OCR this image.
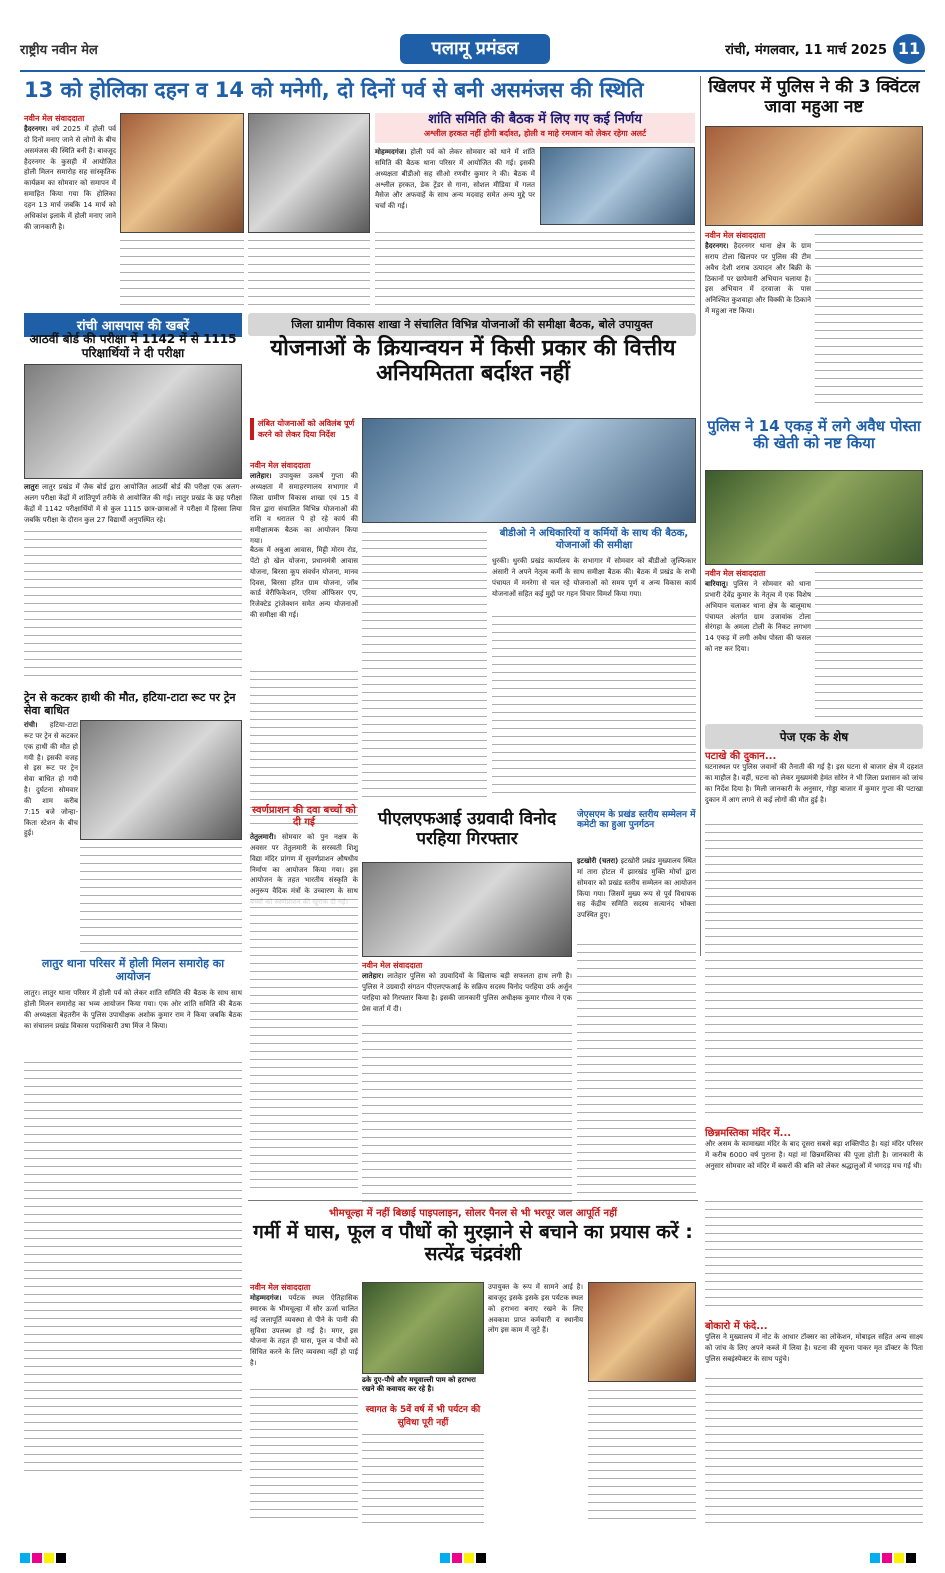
राष्ट्रीय नवीन मेल	पलामू प्रमंडल	रांची, मंगलवार, 11 मार्च 2025 11
13 को होलिका दहन व 14 को मनेगी, दो दिनों पर्व से बनी असमंजस की स्थिति
नवीन मेल संवाददाता
हैदरनगर। वर्ष 2025 में होली पर्व दो दिनों मनाए जाने से लोगों के बीच असमंजस की स्थिति बनी है। बावजूद हैदरनगर के कुसही में आयोजित होली मिलन समारोह सह सांस्कृतिक कार्यक्रम का सोमवार को समापन में समाहित किया गया कि होलिका दहन 13 मार्च जबकि 14 मार्च को अधिकांश इलाके में होली मनाए जाने की जानकारी है।
शांति समिति की बैठक में लिए गए कई निर्णय
अश्लील हरकत नहीं होगी बर्दाश्त, होली व माहे रमजान को लेकर रहेगा अलर्ट
मोहम्मदगंज। होली पर्व को लेकर सोमवार को थाने में शांति समिति की बैठक थाना परिसर में आयोजित की गई। इसकी अध्यक्षता बीडीओ सह सीओ रणवीर कुमार ने की। बैठक में अश्लील हरकत, डेक ट्रेंडर से गाना, सोशल मीडिया में गलत मैसेज और अफवाहें के साथ अन्य मदवाह समेत अन्य मुद्दे पर चर्चा की गई।
खिलपर में पुलिस ने की 3 क्विंटल जावा महुआ नष्ट
नवीन मेल संवाददाता
हैदरनगर। हैदरनगर थाना क्षेत्र के ग्राम सराय टोला खिलपर पर पुलिस की टीम अवैध देशी शराब उत्पादन और बिक्री के ठिकानों पर छापेमारी अभियान चलाया है। इस अभियान में दरवाजा के पास अनिश्चित कुशवाहा और विक्की के ठिकाने में महुआ नष्ट किया।
रांची आसपास की खबरें
आठवीं बोर्ड की परीक्षा में 1142 में से 1115 परिक्षार्थियों ने दी परीक्षा
लातुरः लातुर प्रखंड में जैक बोर्ड द्वारा आयोजित आठवीं बोर्ड की परीक्षा एक अलग-अलग परीक्षा केंद्रों में शांतिपूर्ण तरीके से आयोजित की गई। लातुर प्रखंड के छह परीक्षा केंद्रों में 1142 परीक्षार्थियों में से कुल 1115 छात्र-छात्राओं ने परीक्षा में हिस्सा लिया जबकि परीक्षा के दौरान कुल 27 विद्यार्थी अनुपस्थित रहे।
ट्रेन से कटकर हाथी की मौत, हटिया-टाटा रूट पर ट्रेन सेवा बाधित
रांची। हटिया-टाटा रूट पर ट्रेन से कटकर एक हाथी की मौत हो गयी है। इसकी वजह से इस रूट पर ट्रेन सेवा बाधित हो गयी है। दुर्घटना सोमवार की शाम करीब 7:15 बजे जोन्हा-किता स्टेशन के बीच हुई।
लातुर थाना परिसर में होली मिलन समारोह का आयोजन
लातुर। लातुर थाना परिसर में होली पर्व को लेकर शांति समिति की बैठक के साथ साथ होली मिलन समारोह का भव्य आयोजन किया गया। एक ओर शांति समिति की बैठक की अध्यक्षता बेहतरीन के पुलिस उपाधीक्षक अशोक कुमार राम ने किया जबकि बैठक का संचालन प्रखंड विकास पदाधिकारी उषा मिंज ने किया।
जिला ग्रामीण विकास शाखा ने संचालित विभिन्न योजनाओं की समीक्षा बैठक, बोले उपायुक्त
योजनाओं के क्रियान्वयन में किसी प्रकार की वित्तीय अनियमितता बर्दाश्त नहीं
लंबित योजनाओं को अविलंब पूर्ण करने को लेकर दिया निर्देश
नवीन मेल संवाददाता
लातेहार। उपायुक्त उत्कर्ष गुप्ता की अध्यक्षता में समाहरणालय सभागार में जिला ग्रामीण विकास शाखा एवं 15 वें वित्त द्वारा संचालित विभिन्न योजनाओं की राशि व धरातल पे हो रहे कार्य की समीक्षात्मक बैठक का आयोजन किया गया।
बैठक में अबुआ आवास, मिट्टी मोरम रोड, पेंटो हो खेल योजना, प्रधानमंत्री आवास योजना, बिरसा कूप संवर्धन योजना, मानव दिवस, बिरसा हरित ग्राम योजना, जॉब कार्ड वेरीफिकेशन, एरिया ऑफिसर एप, रिजेक्टेड ट्रांजेक्शन समेत अन्य योजनाओं की समीक्षा की गई।
बीडीओ ने अधिकारियों व कर्मियों के साथ की बैठक, योजनाओं की समीक्षा
धुरकी। धुरकी प्रखंड कार्यालय के सभागार में सोमवार को बीडीओ जुल्फिकार अंसारी ने अपने नेतृत्व कर्मी के साथ समीक्षा बैठक की। बैठक में प्रखंड के सभी पंचायत में मनरेगा से चल रहे योजनाओं को समय पूर्ण व अन्य विकास कार्य योजनाओं सहित कई मुद्दों पर गहन विचार विमर्श किया गया।
स्वर्णप्राशन की दवा बच्चों को दी गई
तेतुलमारी। सोमवार को पुन नक्षत्र के अवसर पर तेतुलमारी के सरस्वती शिशु विद्या मंदिर प्रांगण में सुवर्णप्राशन औषधीय निर्माण का आयोजन किया गया। इस आयोजन के तहत भारतीय संस्कृति के अनुरूप वैदिक मंत्रों के उच्चारण के साथ
पीएलएफआई उग्रवादी विनोद परहिया गिरफ्तार
नवीन मेल संवाददाता
लातेहार। लातेहार पुलिस को उग्रवादियों के खिलाफ बड़ी सफलता हाथ लगी है। पुलिस ने उग्रवादी संगठन पीएलएफआई के सक्रिय सदस्य विनोद परहिया उर्फ अर्जुन परहिया को गिरफ्तार किया है। इसकी जानकारी पुलिस अधीक्षक कुमार गौरव ने एक प्रेस वार्ता में दी।
जेएसएम के प्रखंड स्तरीय सम्मेलन में कमेटी का हुआ पुनर्गठन
इटखोरी (चतरा) इटखोरी प्रखंड मुख्यालय स्थित मां तारा होटल में झारखंड मुक्ति मोर्चा द्वारा सोमवार को प्रखंड स्तरीय सम्मेलन का आयोजन किया गया। जिसमें मुख्य रूप से पूर्व विधायक सह केंद्रीय समिति सदस्य सत्यानंद भोक्ता उपस्थित हुए।
पुलिस ने 14 एकड़ में लगे अवैध पोस्ता की खेती को नष्ट किया
नवीन मेल संवाददाता
बारियातू। पुलिस ने सोमवार को थाना प्रभारी देवेंद्र कुमार के नेतृत्व में एक विशेष अभियान चलाकर थाना क्षेत्र के बालूमाथ पंचायत अंतर्गत ग्राम उजावांक टोला सेरंगहा के अमला टोली के निकट लगभग 14 एकड़ में लगी अवैध पोस्ता की फसल को नष्ट कर दिया।
पेज एक के शेष
पटाखे की दुकान...
घटनास्थल पर पुलिस जवानों की तैनाती की गई है। इस घटना से बाजार क्षेत्र में दहशत का माहौल है। वहीं, घटना को लेकर मुख्यमंत्री हेमंत सोरेन ने भी जिला प्रशासन को जांच का निर्देश दिया है। मिली जानकारी के अनुसार, गोड्डा बाजार में कुमार गुप्ता की पटाखा दुकान में आग लगने से कई लोगों की मौत हुई है।
छिन्नमस्तिका मंदिर में...
और असम के कामाख्या मंदिर के बाद दूसरा सबसे बड़ा शक्तिपीठ है। यहां मंदिर परिसर में करीब 6000 वर्ष पुराना है। यहां मां छिन्नमस्तिका की पूजा होती है। जानकारी के अनुसार सोमवार को मंदिर में बकरों की बलि को लेकर श्रद्धालुओं में भगदड़ मच गई थी।
बोकारो में फंदे...
पुलिस ने मुख्यालय में नोट के आधार टॉक्सर का लोकेशन, मोबाइल सहित अन्य साक्ष्य को जांच के लिए अपने कब्जे में लिया है। घटना की सूचना पाकर मृत डॉक्टर के पिता पुलिस सबइंस्पेक्टर के साथ पहुंचे।
भीमचूल्हा में नहीं बिछाई पाइपलाइन, सोलर पैनल से भी भरपूर जल आपूर्ति नहीं
गर्मी में घास, फूल व पौधों को मुरझाने से बचाने का प्रयास करें : सत्येंद्र चंद्रवंशी
नवीन मेल संवाददाता
मोहम्मदगंज। पर्यटक स्थल ऐतिहासिक स्मारक के भीमचूल्हा में सौर ऊर्जा चालित नई जलापूर्ति व्यवस्था से पीने के पानी की सुविधा उपलब्ध हो गई है। मगर, इस योजना के तहत ही घास, फूल व पौधों को सिंचित करने के लिए व्यवस्था नहीं हो पाई है।
ढके दुए-पौधे और मचूवाल्ली पाम को हराभरा रखने की कवायद कर रहे है।
स्वागत के 5वें वर्ष में भी पर्यटन की सुविधा पूरी नहीं
उपायुक्त के रूप में सामने आई है। बावजूद इसके इसके इस पर्यटक स्थल को हराभरा बनाए रखने के लिए अवकाश प्राप्त कर्मचारी व स्थानीय लोग इस काम में जुटे हैं।
